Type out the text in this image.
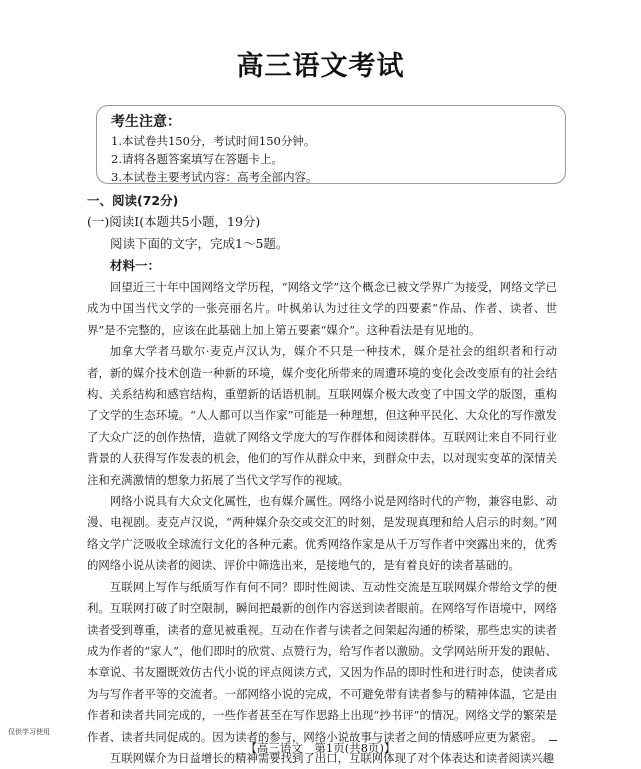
高三语文考试
考生注意：
1.本试卷共150分，考试时间150分钟。
2.请将各题答案填写在答题卡上。
3.本试卷主要考试内容：高考全部内容。
一、阅读(72分)
(一)阅读Ⅰ(本题共5小题，19分)
阅读下面的文字，完成1～5题。
材料一：

回望近三十年中国网络文学历程，“网络文学”这个概念已被文学界广为接受，网络文学已成为中国当代文学的一张亮丽名片。叶枫弟认为过往文学的四要素“作品、作者、读者、世界”是不完整的，应该在此基础上加上第五要素“媒介”。这种看法是有见地的。

加拿大学者马歇尔·麦克卢汉认为，媒介不只是一种技术，媒介是社会的组织者和行动者，新的媒介技术创造一种新的环境，媒介变化所带来的周遭环境的变化会改变原有的社会结构、关系结构和感官结构，重塑新的话语机制。互联网媒介极大改变了中国文学的版图，重构了文学的生态环境。“人人都可以当作家”可能是一种理想，但这种平民化、大众化的写作激发了大众广泛的创作热情，造就了网络文学庞大的写作群体和阅读群体。互联网让来自不同行业背景的人获得写作发表的机会，他们的写作从群众中来，到群众中去，以对现实变革的深情关注和充满激情的想象力拓展了当代文学写作的视域。

网络小说具有大众文化属性，也有媒介属性。网络小说是网络时代的产物，兼容电影、动漫、电视剧。麦克卢汉说，“两种媒介杂交或交汇的时刻，是发现真理和给人启示的时刻。”网络文学广泛吸收全球流行文化的各种元素。优秀网络作家是从千万写作者中突露出来的，优秀的网络小说从读者的阅读、评价中筛选出来，是接地气的，是有着良好的读者基础的。

互联网上写作与纸质写作有何不同？即时性阅读、互动性交流是互联网媒介带给文学的便利。互联网打破了时空限制，瞬间把最新的创作内容送到读者眼前。在网络写作语境中，网络读者受到尊重，读者的意见被重视。互动在作者与读者之间架起沟通的桥梁，那些忠实的读者成为作者的“家人”，他们即时的欣赏、点赞行为，给写作者以激励。文学网站所开发的跟帖、本章说、书友圈既效仿古代小说的评点阅读方式，又因为作品的即时性和进行时态，使读者成为与写作者平等的交流者。一部网络小说的完成，不可避免带有读者参与的精神体温，它是由作者和读者共同完成的，一些作者甚至在写作思路上出现“抄书评”的情况。网络文学的繁荣是作者、读者共同促成的。因为读者的参与，网络小说故事与读者之间的情感呼应更为紧密。

互联网媒介为日益增长的精神需要找到了出口，互联网体现了对个体表达和读者阅读兴趣

仅供学习使用
【高三语文　第1页(共8页)】
